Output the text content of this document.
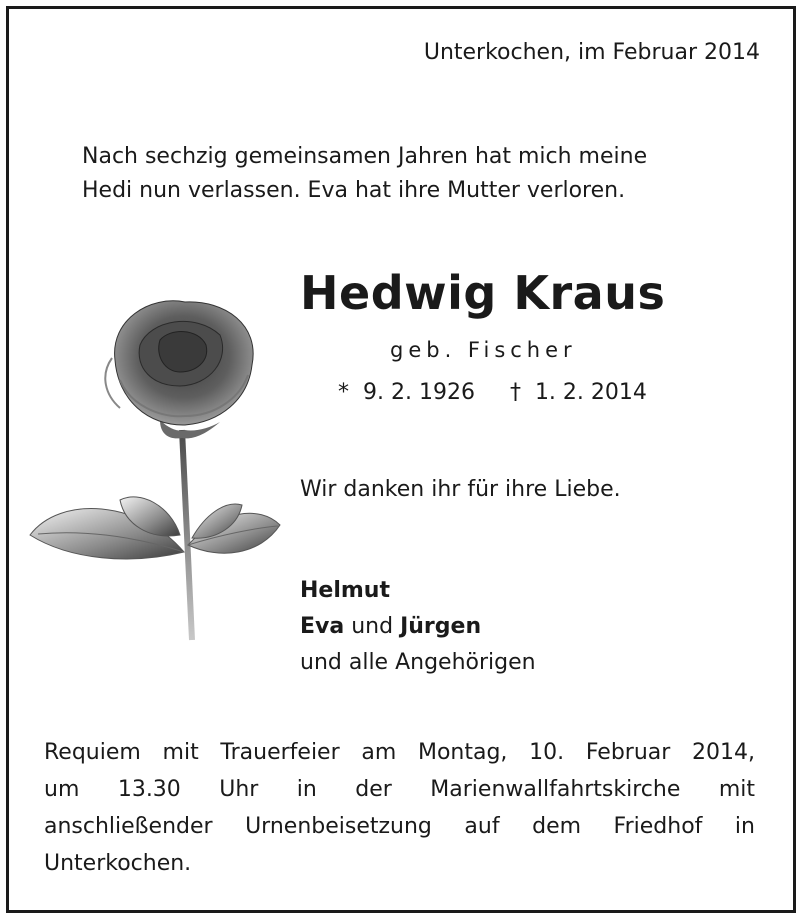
Unterkochen, im Februar 2014

Nach sechzig gemeinsamen Jahren hat mich meine

Hedi nun verlassen. Eva hat ihre Mutter verloren.

Hedwig Kraus
geb. Fischer
* 9. 2. 1926 † 1. 2. 2014
Wir danken ihr für ihre Liebe.
Helmut
Eva und Jürgen
und alle Angehörigen
Requiem mit Trauerfeier am Montag, 10. Februar 2014,
um 13.30 Uhr in der Marienwallfahrtskirche mit
anschließender Urnenbeisetzung auf dem Friedhof in
Unterkochen.
